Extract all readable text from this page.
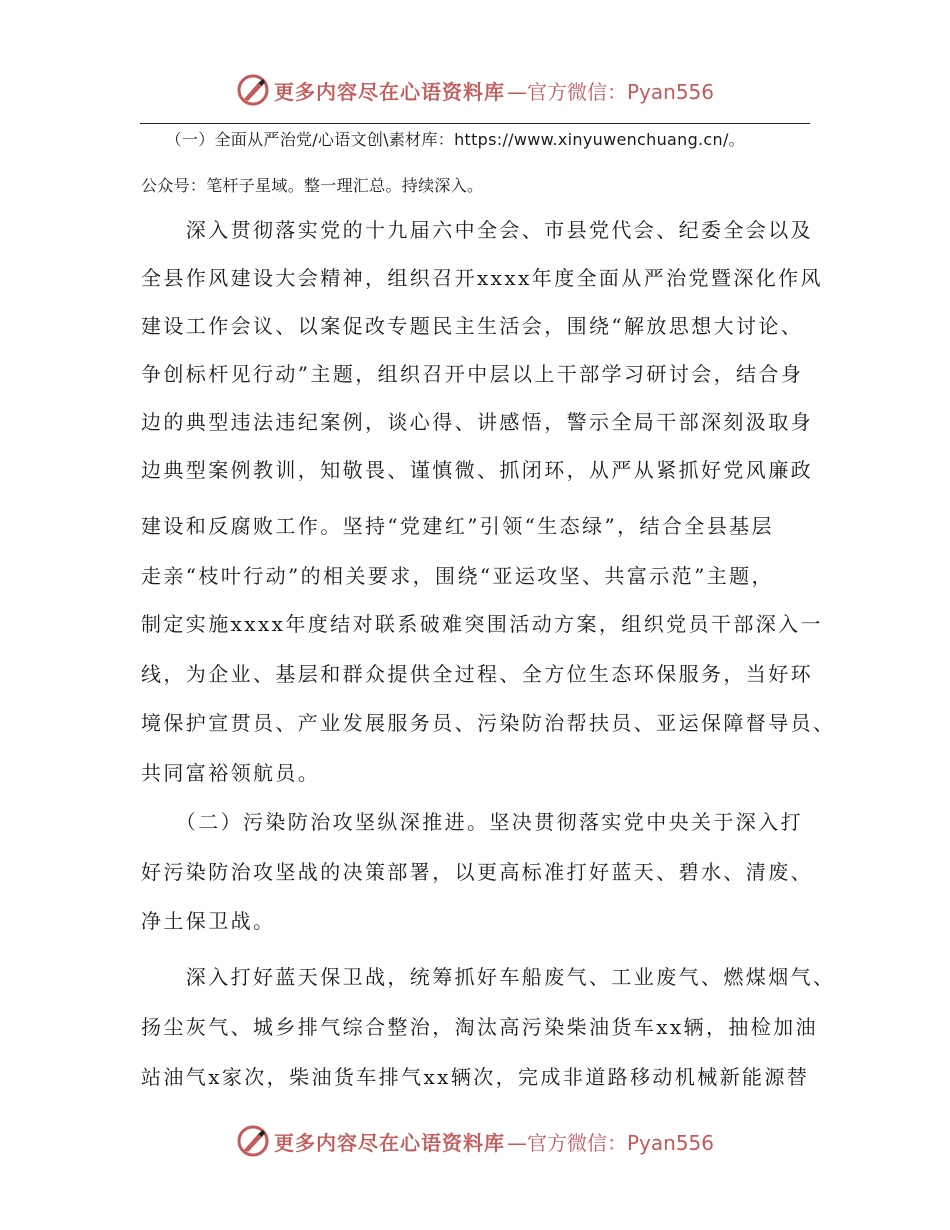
更多内容尽在心语资料库 —官方微信：Pyan556
　　（一）全面从严治党/心语文创\素材库：https://www.xinyuwenchuang.cn/。
公众号：笔杆子星域。整一理汇总。持续深入。
　　深入贯彻落实党的十九届六中全会、市县党代会、纪委全会以及
全县作风建设大会精神，组织召开xxxx年度全面从严治党暨深化作风
建设工作会议、以案促改专题民主生活会，围绕“解放思想大讨论、
争创标杆见行动”主题，组织召开中层以上干部学习研讨会，结合身
边的典型违法违纪案例，谈心得、讲感悟，警示全局干部深刻汲取身
边典型案例教训，知敬畏、谨慎微、抓闭环，从严从紧抓好党风廉政
建设和反腐败工作。坚持“党建红”引领“生态绿”，结合全县基层
走亲“枝叶行动”的相关要求，围绕“亚运攻坚、共富示范”主题，
制定实施xxxx年度结对联系破难突围活动方案，组织党员干部深入一
线，为企业、基层和群众提供全过程、全方位生态环保服务，当好环
境保护宣贯员、产业发展服务员、污染防治帮扶员、亚运保障督导员、
共同富裕领航员。
　　（二）污染防治攻坚纵深推进。坚决贯彻落实党中央关于深入打
好污染防治攻坚战的决策部署，以更高标准打好蓝天、碧水、清废、
净土保卫战。
　　深入打好蓝天保卫战，统筹抓好车船废气、工业废气、燃煤烟气、
扬尘灰气、城乡排气综合整治，淘汰高污染柴油货车xx辆，抽检加油
站油气x家次，柴油货车排气xx辆次，完成非道路移动机械新能源替
更多内容尽在心语资料库 —官方微信：Pyan556
